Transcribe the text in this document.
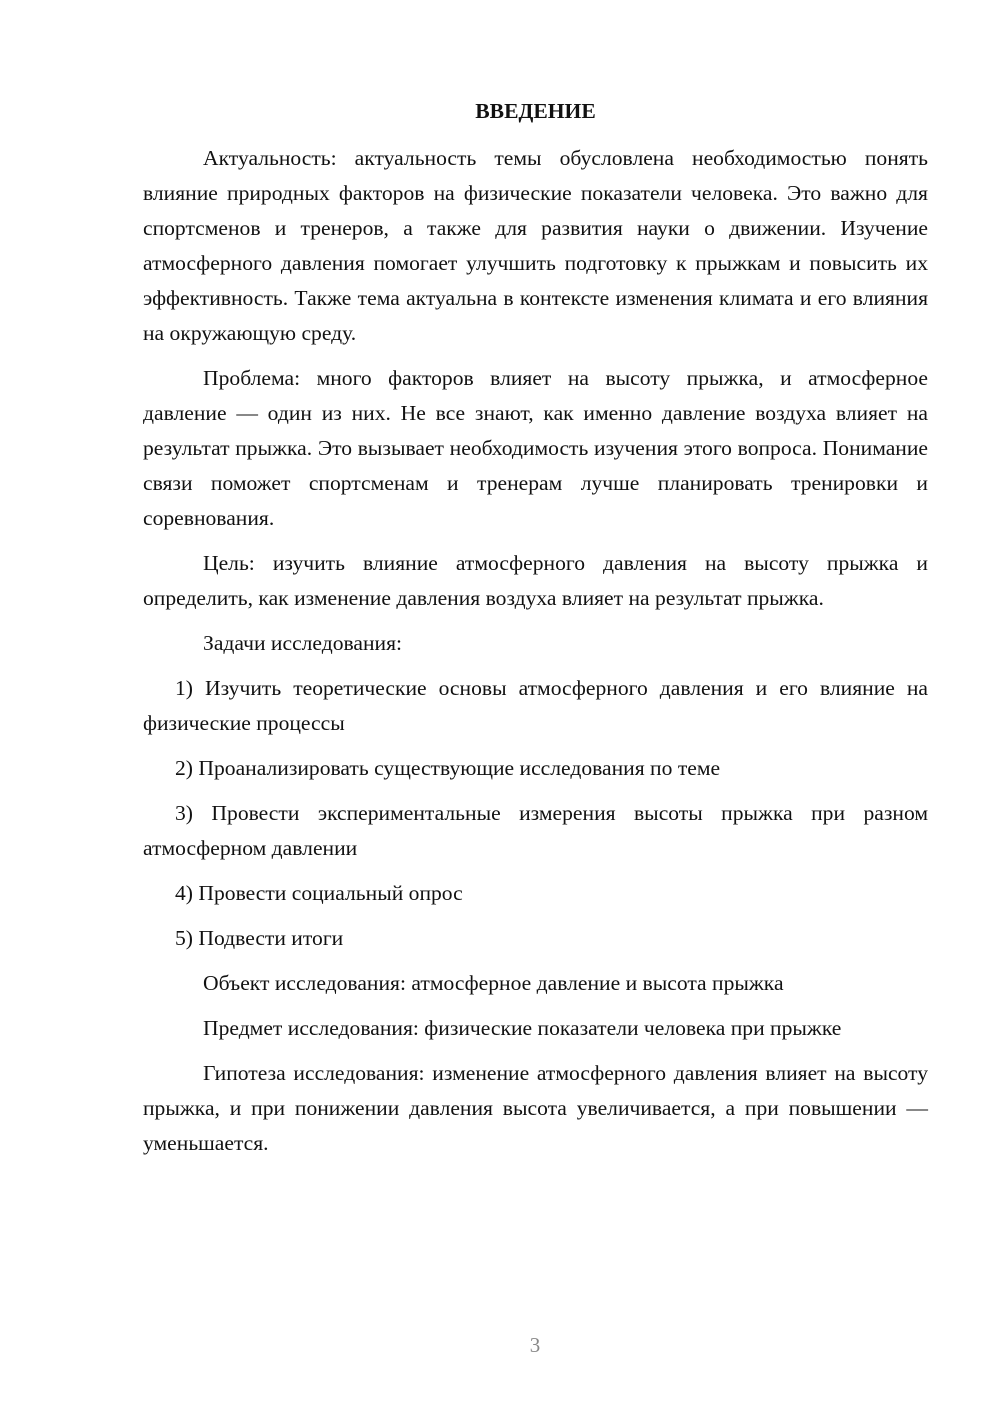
ВВЕДЕНИЕ

Актуальность: актуальность темы обусловлена необходимостью понять влияние природных факторов на физические показатели человека. Это важно для спортсменов и тренеров, а также для развития науки о движении. Изучение атмосферного давления помогает улучшить подготовку к прыжкам и повысить их эффективность. Также тема актуальна в контексте изменения климата и его влияния на окружающую среду.

Проблема: много факторов влияет на высоту прыжка, и атмосферное давление — один из них. Не все знают, как именно давление воздуха влияет на результат прыжка. Это вызывает необходимость изучения этого вопроса. Понимание связи поможет спортсменам и тренерам лучше планировать тренировки и соревнования.

Цель: изучить влияние атмосферного давления на высоту прыжка и определить, как изменение давления воздуха влияет на результат прыжка.

Задачи исследования:

1) Изучить теоретические основы атмосферного давления и его влияние на физические процессы

2) Проанализировать существующие исследования по теме

3) Провести экспериментальные измерения высоты прыжка при разном атмосферном давлении

4) Провести социальный опрос

5) Подвести итоги

Объект исследования: атмосферное давление и высота прыжка

Предмет исследования: физические показатели человека при прыжке

Гипотеза исследования: изменение атмосферного давления влияет на высоту прыжка, и при понижении давления высота увеличивается, а при повышении — уменьшается.

3
